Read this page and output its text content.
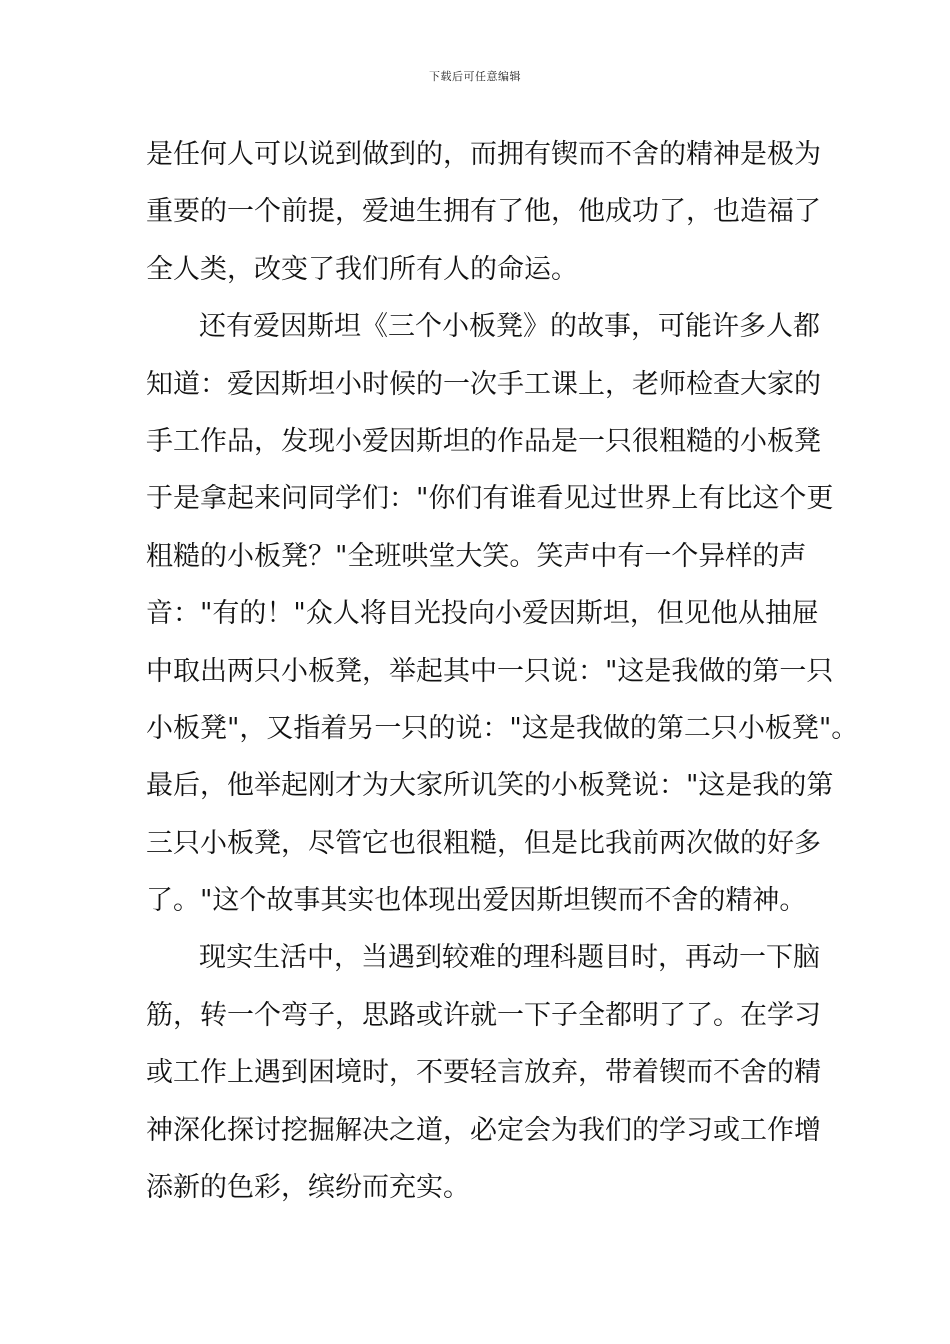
下载后可任意编辑
是任何人可以说到做到的，而拥有锲而不舍的精神是极为
重要的一个前提，爱迪生拥有了他，他成功了，也造福了
全人类，改变了我们所有人的命运。
还有爱因斯坦《三个小板凳》的故事，可能许多人都
知道：爱因斯坦小时候的一次手工课上，老师检查大家的
手工作品，发现小爱因斯坦的作品是一只很粗糙的小板凳
于是拿起来问同学们："你们有谁看见过世界上有比这个更
粗糙的小板凳？"全班哄堂大笑。笑声中有一个异样的声
音："有的！"众人将目光投向小爱因斯坦，但见他从抽屉
中取出两只小板凳，举起其中一只说："这是我做的第一只
小板凳"，又指着另一只的说："这是我做的第二只小板凳"。
最后，他举起刚才为大家所讥笑的小板凳说："这是我的第
三只小板凳，尽管它也很粗糙，但是比我前两次做的好多
了。"这个故事其实也体现出爱因斯坦锲而不舍的精神。
现实生活中，当遇到较难的理科题目时，再动一下脑
筋，转一个弯子，思路或许就一下子全都明了了。在学习
或工作上遇到困境时，不要轻言放弃，带着锲而不舍的精
神深化探讨挖掘解决之道，必定会为我们的学习或工作增
添新的色彩，缤纷而充实。
